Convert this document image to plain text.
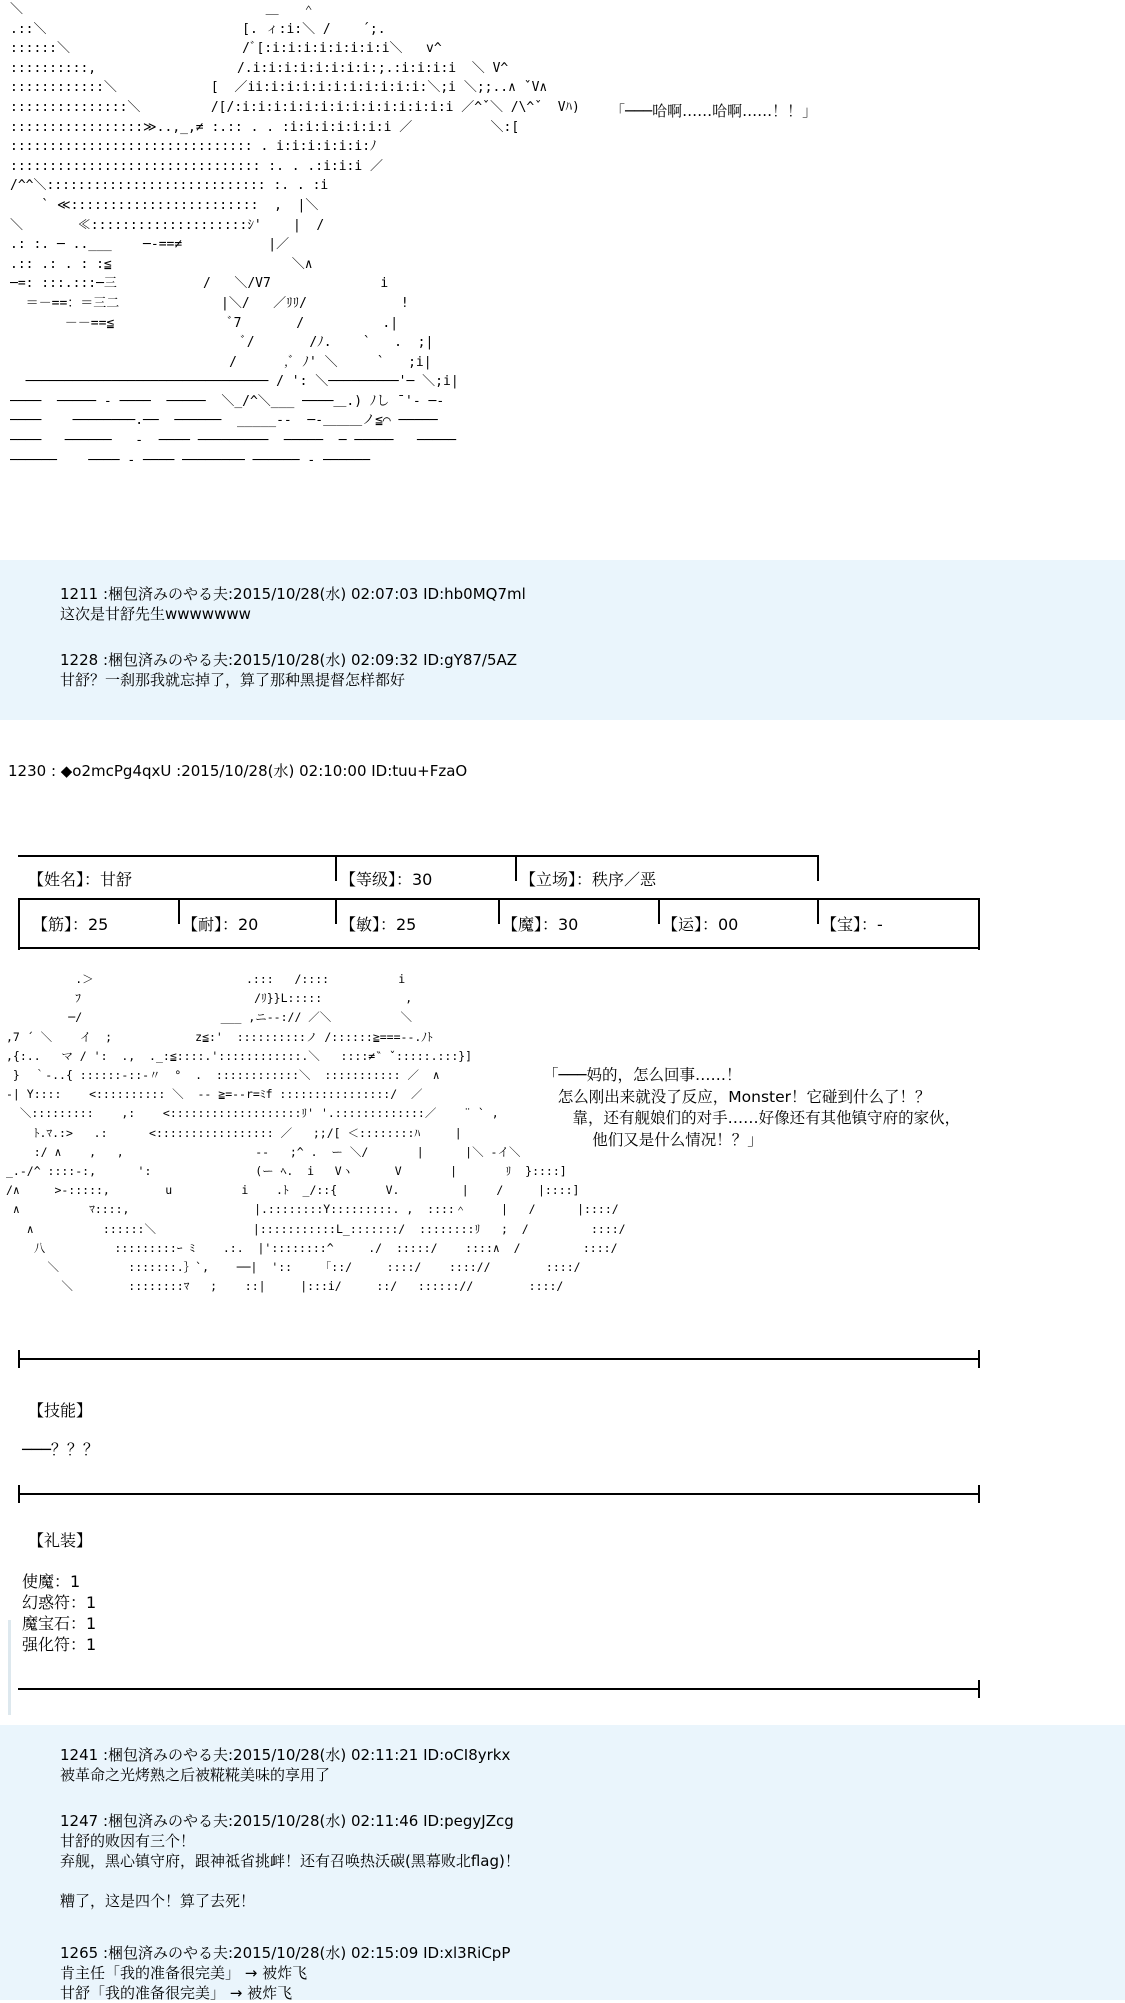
＼                               ＿   ＾
.::＼                         [. ィ:i:＼ /    ´;.
::::::＼                      /ﾞ[:i:i:i:i:i:i:i:i＼   v^
::::::::::,                  /.i:i:i:i:i:i:i:i:;.:i:i:i:i  ＼ V^
::::::::::::＼            [  ／ii:i:i:i:i:i:i:i:i:i:i:＼;i ＼;;..∧ ˇV∧
:::::::::::::::＼         /[/:i:i:i:i:i:i:i:i:i:i:i:i:i:i ／^ˇ＼ /\^ˇ  Vﾊ)
:::::::::::::::::≫..,_,≠ :.:: . . :i:i:i:i:i:i:i ／          ＼:[
::::::::::::::::::::::::::::::: . i:i:i:i:i:i:ﾉ
:::::::::::::::::::::::::::::::: :. . .:i:i:i ／
/^^＼:::::::::::::::::::::::::::: :. . :i
` ≪::::::::::::::::::::::::  ,  |＼
＼       ≪::::::::::::::::::::ｼ'    |  /
.: :. ─ ..___    ─-==≠           |／
.:: .: . : :≦                       ＼∧
─=: :::.:::─三           /   ＼/V7              i
＝－==：＝三二             |＼/   ／ﾘﾘ/            !
－－==≦               ﾞ7       /          .|
ﾞ/       /ﾉ.    `   .  ;|
/      ,ﾞ ﾉ' ＼     `   ;i|
─────────────────────────────── / ': ＼─────────'─ ＼;i|
────  ───── - ────  ─────  ＼_/^＼___ ────＿.) ﾉし ̄ '- ─-
────    ────────.──  ──────  _____--  ─-＿＿＿ノ≦⌒ ─────
────   ──────   -  ──── ─────────  ─────  ─ ─────   ─────
──────    ──── - ──── ──────── ────── - ──────
「───哈啊……哈啊……！！」
1211 :梱包済みのやる夫:2015/10/28(水) 02:07:03 ID:hb0MQ7ml
这次是甘舒先生wwwwwww
1228 :梱包済みのやる夫:2015/10/28(水) 02:09:32 ID:gY87/5AZ
甘舒？一刹那我就忘掉了，算了那种黑提督怎样都好
1230 : ◆o2mcPg4qxU :2015/10/28(水) 02:10:00 ID:tuu+FzaO
【姓名】：甘舒	【等级】：30	【立场】：秩序／恶
【筋】：25	【耐】：20	【敏】：25	【魔】：30	【运】：00	【宝】：-
.＞                      .:::   /::::          i
ﾌ                         /ﾘ}}L:::::            ,
─/                    ___ ,ニ--:// ／＼          ＼
,7 ´ ＼    イ  ;            z≦:'  ::::::::::ノ /::::::≧===--.ﾉﾄ
,{:..   マ / ':  .,  ._:≦::::.'::::::::::::.＼   ::::≠‶ ˇ:::::.:::}]
}  ｀-..{ ::::::-::-〃  °  .  ::::::::::::＼  ::::::::::: ／  ∧
-| Y::::    <:::::::::: ＼  -- ≧=--r=ﾐf ::::::::::::::::/  ／
＼:::::::::    ,:    <:::::::::::::::::::ﾘ' '.:::::::::::::／    ¨ ` ,
ﾄ.ﾏ.:>   .:      <::::::::::::::::: ／   ;;/[ ＜::::::::ﾊ     |
:/ ∧    ,   ,                   --   ;^ .  ー ＼/       |      |＼ -イ＼
_.-/^ ::::-:,      ':               (ー ﾍ.  i   Vヽ      V       |       ﾘ  }::::]
/∧     >-:::::,        u          i    .ﾄ  _/::{       V.         |    /     |::::]
∧          ﾏ::::,                  |.::::::::Y:::::::::. ,  ::::＾     |   /      |::::/
∧          ::::::＼              |:::::::::::L_:::::::/  ::::::::ﾘ   ;  /         ::::/
八          :::::::::ｰ ﾐ    .:.  |'::::::::^     ./  :::::/    ::::∧  /         ::::/
＼          :::::::.｝`,    ──|  '::    「::/     ::::/    :::://        ::::/
＼        ::::::::ﾏ   ;    ::|     |:::i/     ::/   :::::://        ::::/
「───妈的，怎么回事……！
怎么刚出来就没了反应，Monster！它碰到什么了！？
靠，还有舰娘们的对手……好像还有其他镇守府的家伙，
他们又是什么情况！？」
【技能】
───？？？
【礼装】
使魔：1
幻惑符：1
魔宝石：1
强化符：1
1241 :梱包済みのやる夫:2015/10/28(水) 02:11:21 ID:oCI8yrkx
被革命之光烤熟之后被糀糀美味的享用了
1247 :梱包済みのやる夫:2015/10/28(水) 02:11:46 ID:pegyJZcg
甘舒的败因有三个！
弃舰，黑心镇守府，跟神祗省挑衅！还有召唤热沃碳(黑幕败北flag)！

糟了，这是四个！算了去死！
1265 :梱包済みのやる夫:2015/10/28(水) 02:15:09 ID:xl3RiCpP
肯主任「我的准备很完美」 → 被炸飞
甘舒「我的准备很完美」 → 被炸飞
